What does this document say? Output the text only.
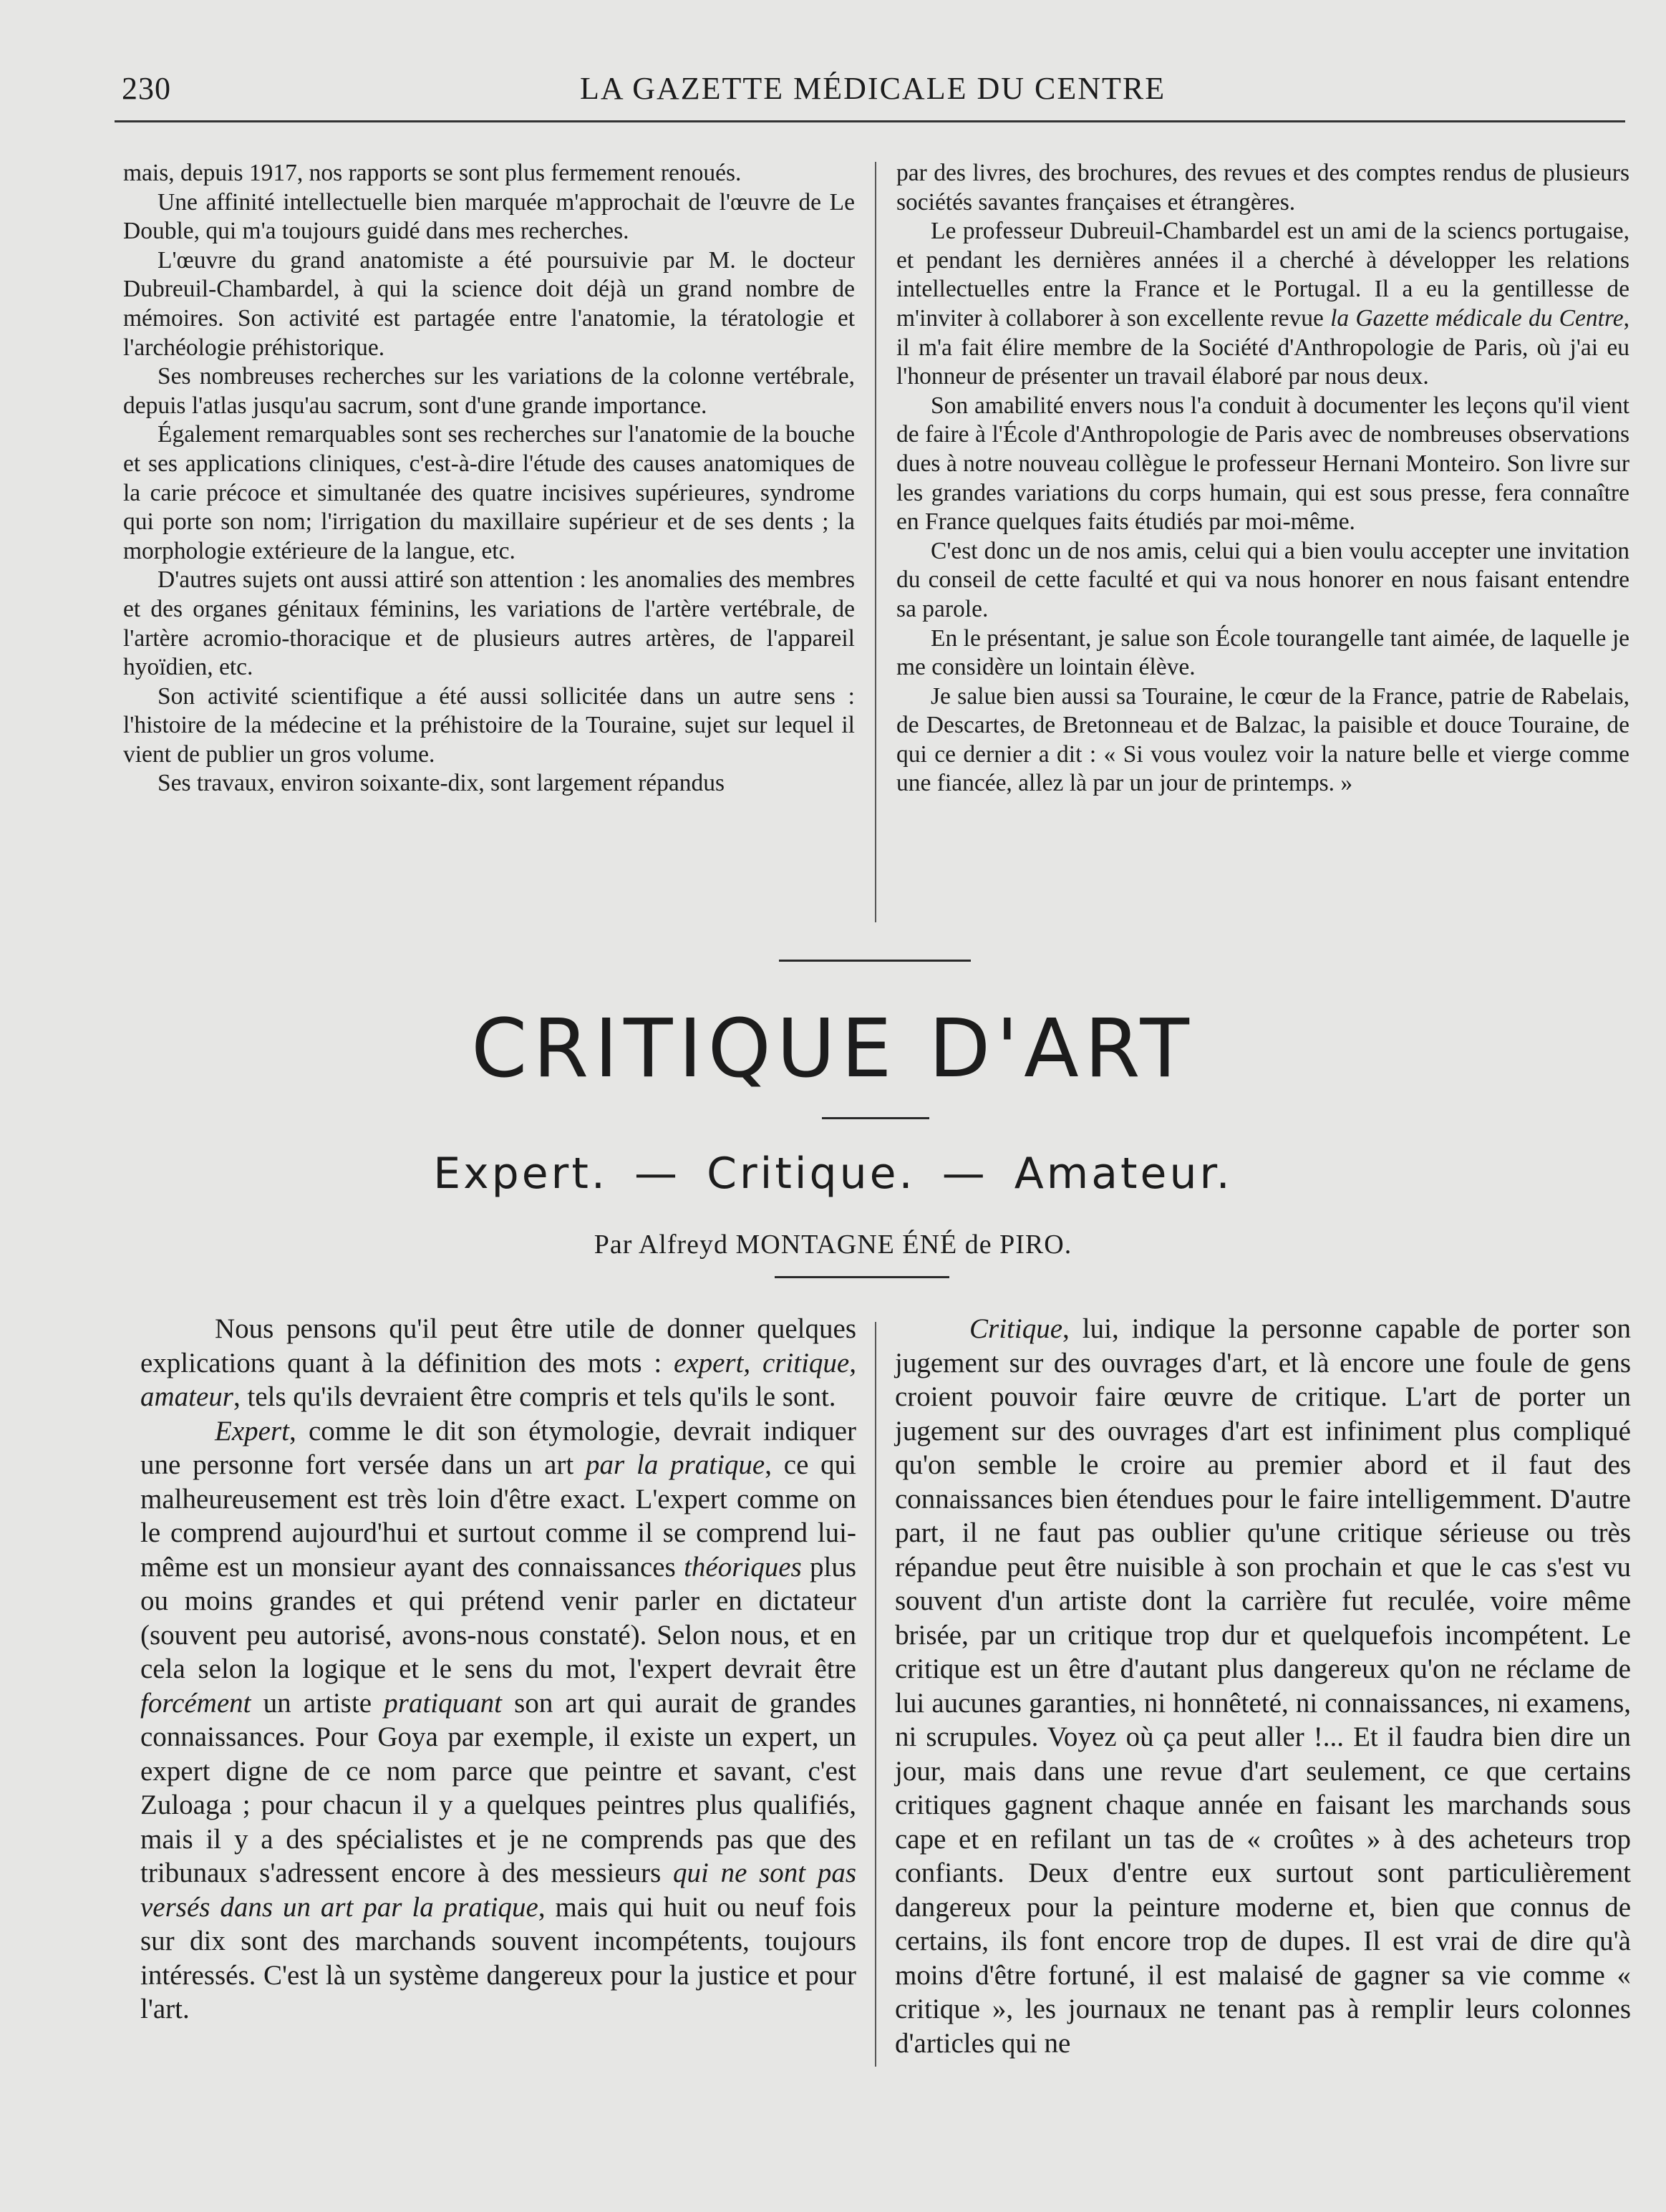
230	LA GAZETTE MÉDICALE DU CENTRE

mais, depuis 1917, nos rapports se sont plus fermement renoués.

Une affinité intellectuelle bien marquée m'approchait de l'œuvre de Le Double, qui m'a toujours guidé dans mes recherches.

L'œuvre du grand anatomiste a été poursuivie par M. le docteur Dubreuil-Chambardel, à qui la science doit déjà un grand nombre de mémoires. Son activité est partagée entre l'anatomie, la tératologie et l'archéologie préhistorique.

Ses nombreuses recherches sur les variations de la colonne vertébrale, depuis l'atlas jusqu'au sacrum, sont d'une grande importance.

Également remarquables sont ses recherches sur l'anatomie de la bouche et ses applications cliniques, c'est-à-dire l'étude des causes anatomiques de la carie précoce et simultanée des quatre incisives supérieures, syndrome qui porte son nom; l'irrigation du maxillaire supérieur et de ses dents ; la morphologie extérieure de la langue, etc.

D'autres sujets ont aussi attiré son attention : les anomalies des membres et des organes génitaux féminins, les variations de l'artère vertébrale, de l'artère acromio-thoracique et de plusieurs autres artères, de l'appareil hyoïdien, etc.

Son activité scientifique a été aussi sollicitée dans un autre sens : l'histoire de la médecine et la préhistoire de la Touraine, sujet sur lequel il vient de publier un gros volume.

Ses travaux, environ soixante-dix, sont largement répandus

par des livres, des brochures, des revues et des comptes rendus de plusieurs sociétés savantes françaises et étrangères.

Le professeur Dubreuil-Chambardel est un ami de la sciencs portugaise, et pendant les dernières années il a cherché à développer les relations intellectuelles entre la France et le Portugal. Il a eu la gentillesse de m'inviter à collaborer à son excellente revue la Gazette médicale du Centre, il m'a fait élire membre de la Société d'Anthropologie de Paris, où j'ai eu l'honneur de présenter un travail élaboré par nous deux.

Son amabilité envers nous l'a conduit à documenter les leçons qu'il vient de faire à l'École d'Anthropologie de Paris avec de nombreuses observations dues à notre nouveau collègue le professeur Hernani Monteiro. Son livre sur les grandes variations du corps humain, qui est sous presse, fera connaître en France quelques faits étudiés par moi-même.

C'est donc un de nos amis, celui qui a bien voulu accepter une invitation du conseil de cette faculté et qui va nous honorer en nous faisant entendre sa parole.

En le présentant, je salue son École tourangelle tant aimée, de laquelle je me considère un lointain élève.

Je salue bien aussi sa Touraine, le cœur de la France, patrie de Rabelais, de Descartes, de Bretonneau et de Balzac, la paisible et douce Touraine, de qui ce dernier a dit : « Si vous voulez voir la nature belle et vierge comme une fiancée, allez là par un jour de printemps. »

CRITIQUE D'ART
Expert. — Critique. — Amateur.
Par Alfreyd MONTAGNE ÉNÉ de PIRO.

Nous pensons qu'il peut être utile de donner quelques explications quant à la définition des mots : expert, critique, amateur, tels qu'ils devraient être compris et tels qu'ils le sont.

Expert, comme le dit son étymologie, devrait indiquer une personne fort versée dans un art par la pratique, ce qui malheureusement est très loin d'être exact. L'expert comme on le comprend aujourd'hui et surtout comme il se comprend lui-même est un monsieur ayant des connaissances théoriques plus ou moins grandes et qui prétend venir parler en dictateur (souvent peu autorisé, avons-nous constaté). Selon nous, et en cela selon la logique et le sens du mot, l'expert devrait être forcément un artiste pratiquant son art qui aurait de grandes connaissances. Pour Goya par exemple, il existe un expert, un expert digne de ce nom parce que peintre et savant, c'est Zuloaga ; pour chacun il y a quelques peintres plus qualifiés, mais il y a des spécialistes et je ne comprends pas que des tribunaux s'adressent encore à des messieurs qui ne sont pas versés dans un art par la pratique, mais qui huit ou neuf fois sur dix sont des marchands souvent incompétents, toujours intéressés. C'est là un système dangereux pour la justice et pour l'art.

Critique, lui, indique la personne capable de porter son jugement sur des ouvrages d'art, et là encore une foule de gens croient pouvoir faire œuvre de critique. L'art de porter un jugement sur des ouvrages d'art est infiniment plus compliqué qu'on semble le croire au premier abord et il faut des connaissances bien étendues pour le faire intelligemment. D'autre part, il ne faut pas oublier qu'une critique sérieuse ou très répandue peut être nuisible à son prochain et que le cas s'est vu souvent d'un artiste dont la carrière fut reculée, voire même brisée, par un critique trop dur et quelquefois incompétent. Le critique est un être d'autant plus dangereux qu'on ne réclame de lui aucunes garanties, ni honnêteté, ni connaissances, ni examens, ni scrupules. Voyez où ça peut aller !... Et il faudra bien dire un jour, mais dans une revue d'art seulement, ce que certains critiques gagnent chaque année en faisant les marchands sous cape et en refilant un tas de « croûtes » à des acheteurs trop confiants. Deux d'entre eux surtout sont particulièrement dangereux pour la peinture moderne et, bien que connus de certains, ils font encore trop de dupes. Il est vrai de dire qu'à moins d'être fortuné, il est malaisé de gagner sa vie comme « critique », les journaux ne tenant pas à remplir leurs colonnes d'articles qui ne
